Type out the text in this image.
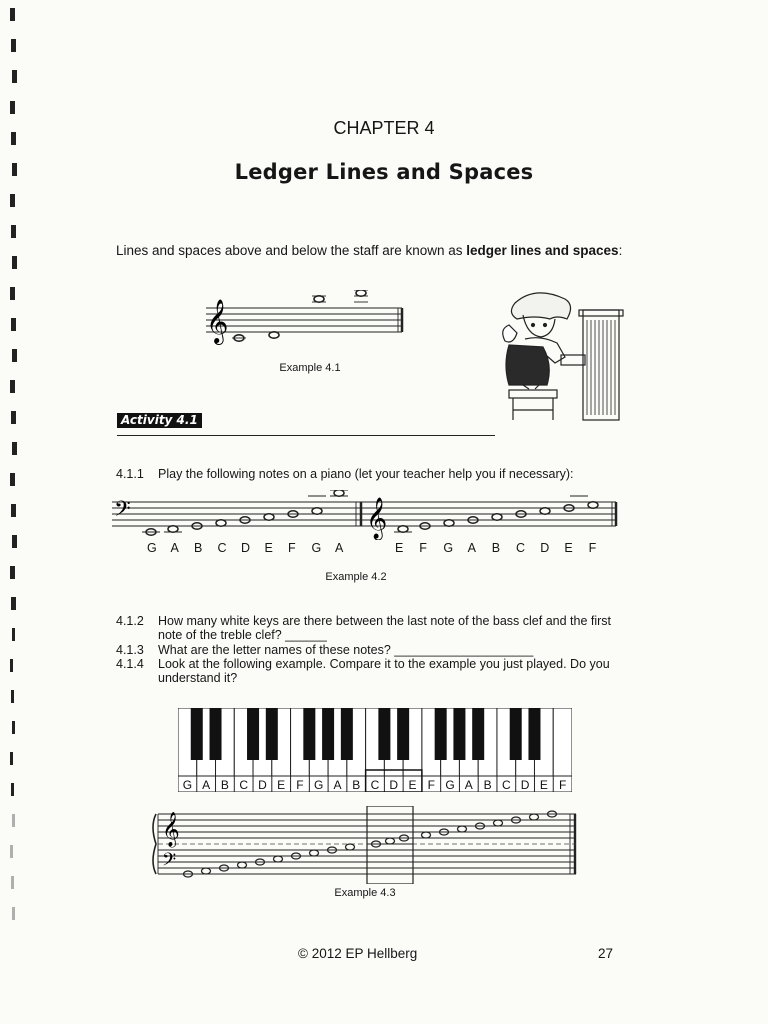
CHAPTER 4
Ledger Lines and Spaces
Lines and spaces above and below the staff are known as ledger lines and spaces:
𝄞
Example 4.1
Activity 4.1
4.1.1 Play the following notes on a piano (let your teacher help you if necessary):
𝄢	𝄞
G A B C D E F G A	E F G A B C D E F
Example 4.2
4.1.2 How many white keys are there between the last note of the bass clef and the first note of the treble clef? ______
4.1.3 What are the letter names of these notes? ____________________
4.1.4 Look at the following example. Compare it to the example you just played. Do you understand it?
G A B C D E F G A B C D E F G A B C D E F
𝄞
𝄢
Example 4.3
© 2012 EP Hellberg	27
